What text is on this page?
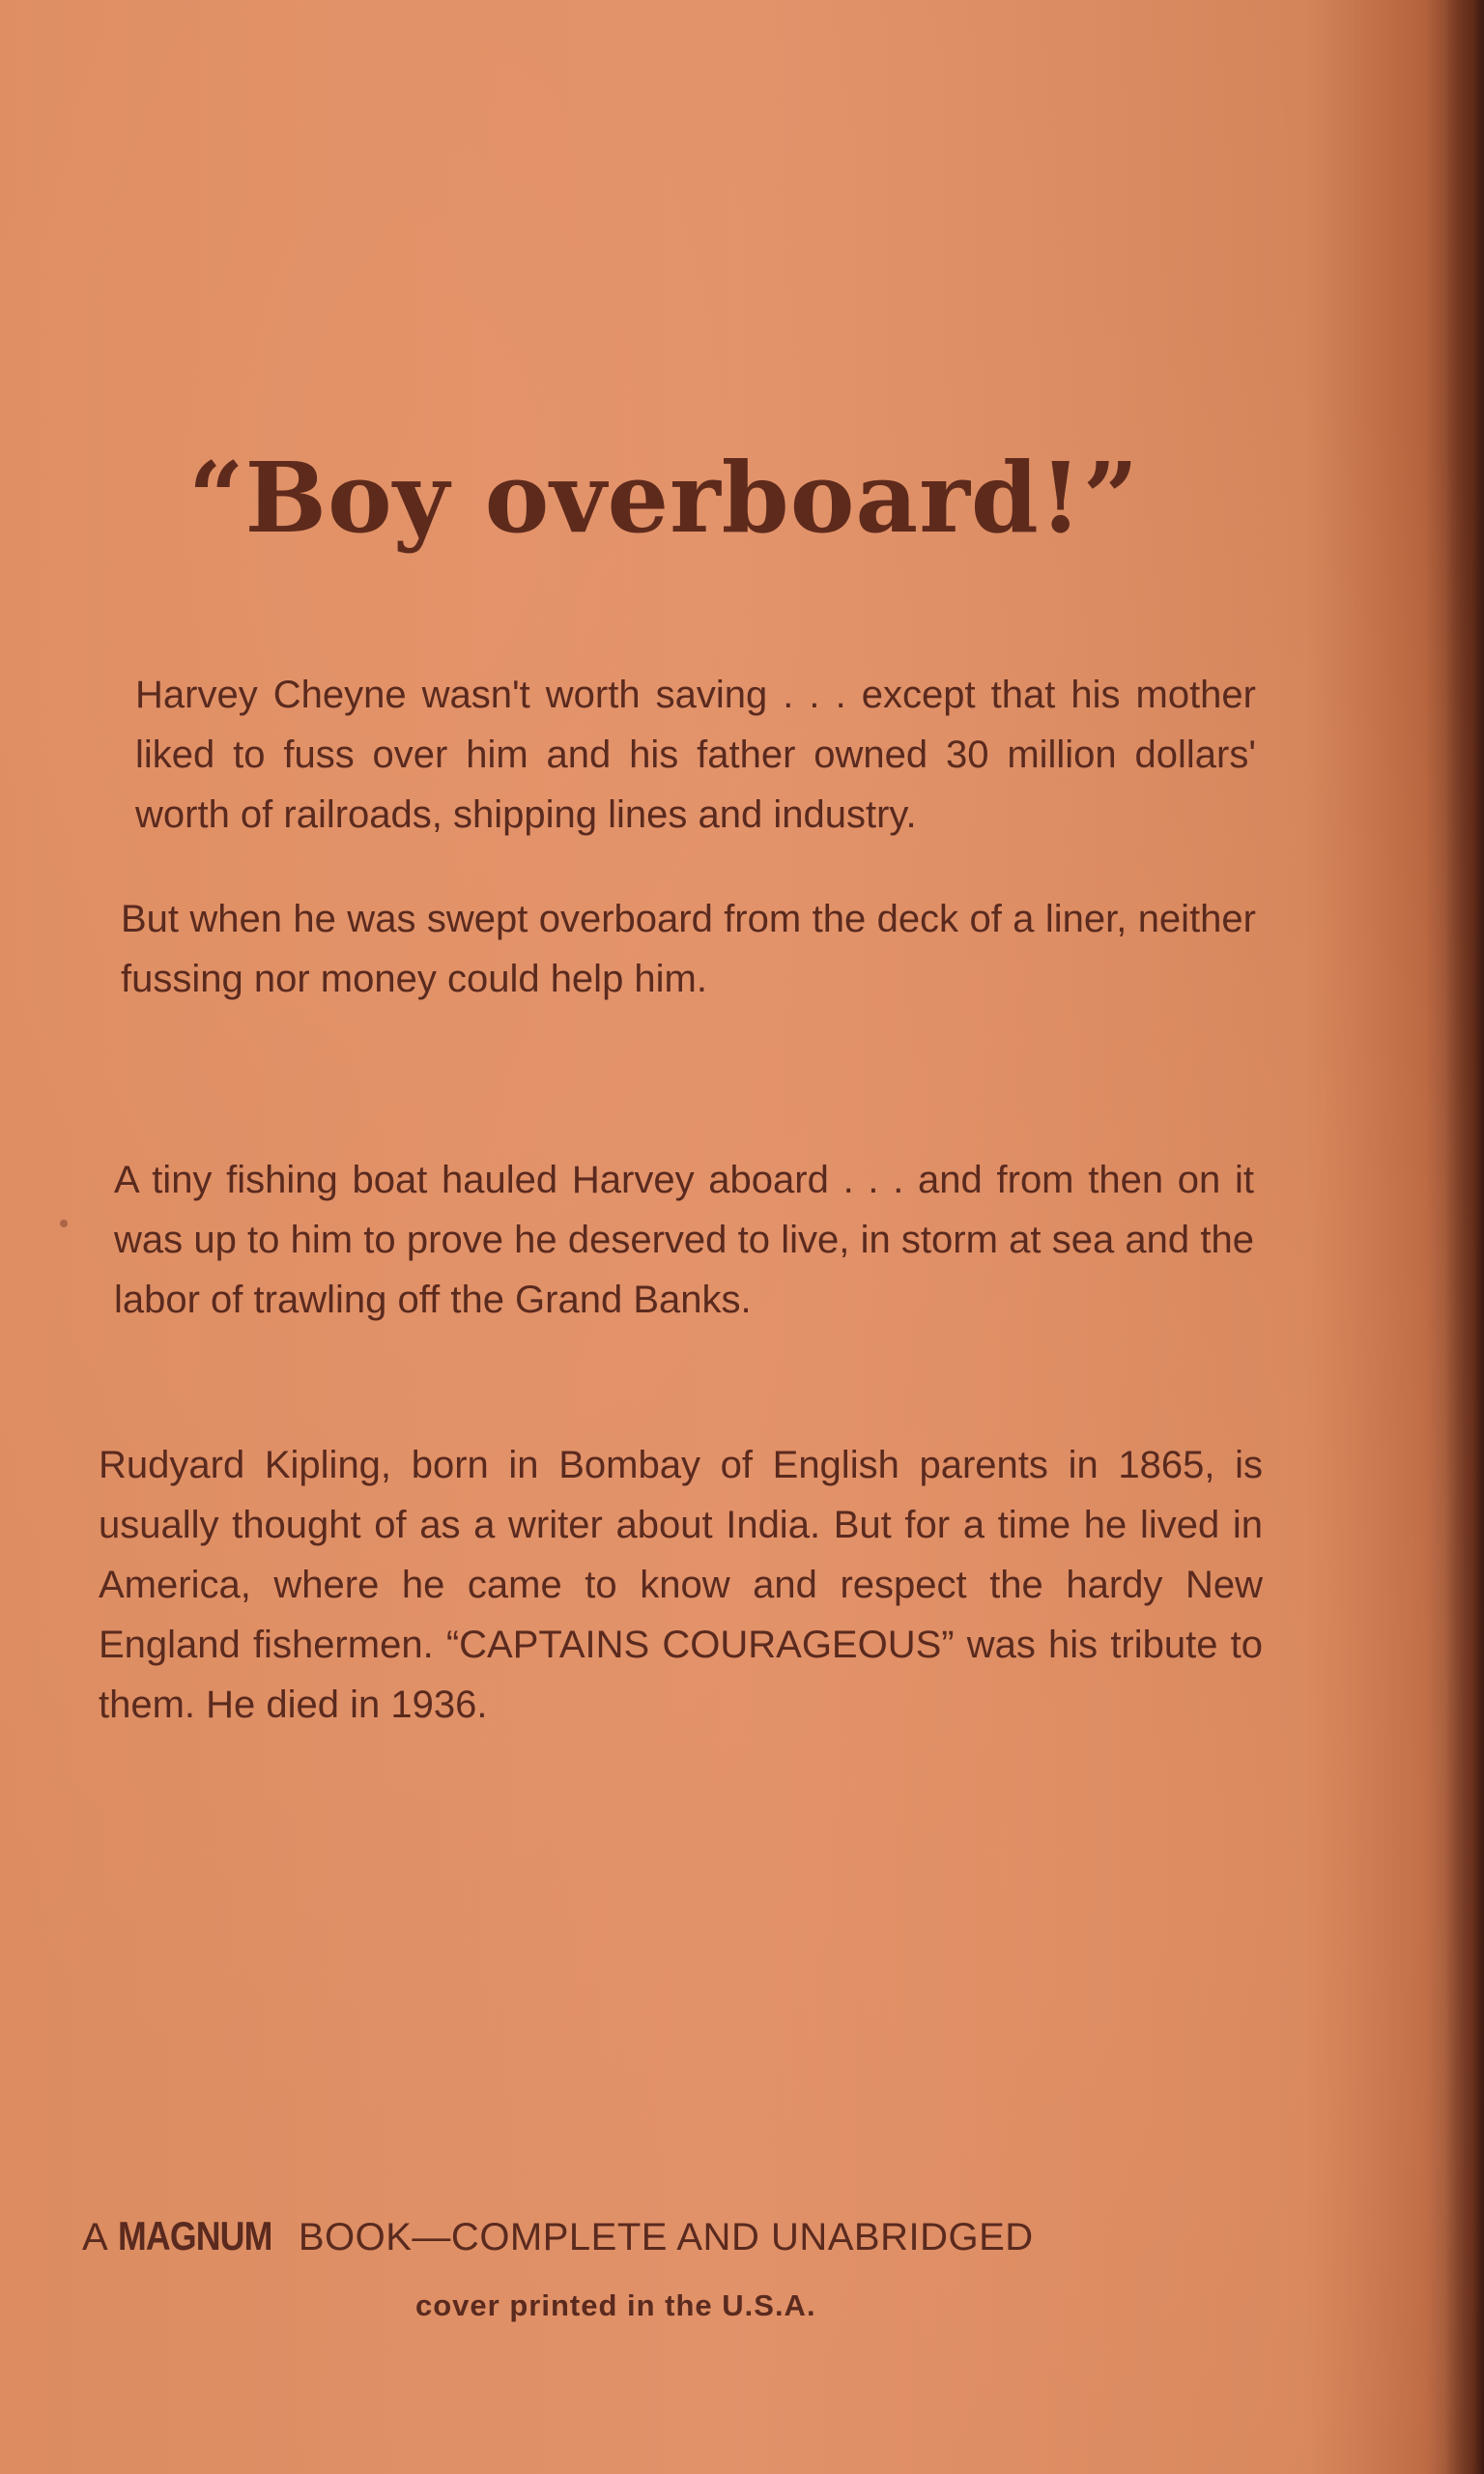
“Boy overboard!”

Harvey Cheyne wasn't worth saving . . . except that his mother liked to fuss over him and his father owned 30 million dollars' worth of railroads, shipping lines and industry.

But when he was swept overboard from the deck of a liner, neither fussing nor money could help him.

A tiny fishing boat hauled Harvey aboard . . . and from then on it was up to him to prove he deserved to live, in storm at sea and the labor of trawling off the Grand Banks.

Rudyard Kipling, born in Bombay of English parents in 1865, is usually thought of as a writer about India. But for a time he lived in America, where he came to know and respect the hardy New England fishermen. “CAPTAINS COURAGEOUS” was his tribute to them. He died in 1936.

A MAGNUM BOOK—COMPLETE AND UNABRIDGED
cover printed in the U.S.A.
